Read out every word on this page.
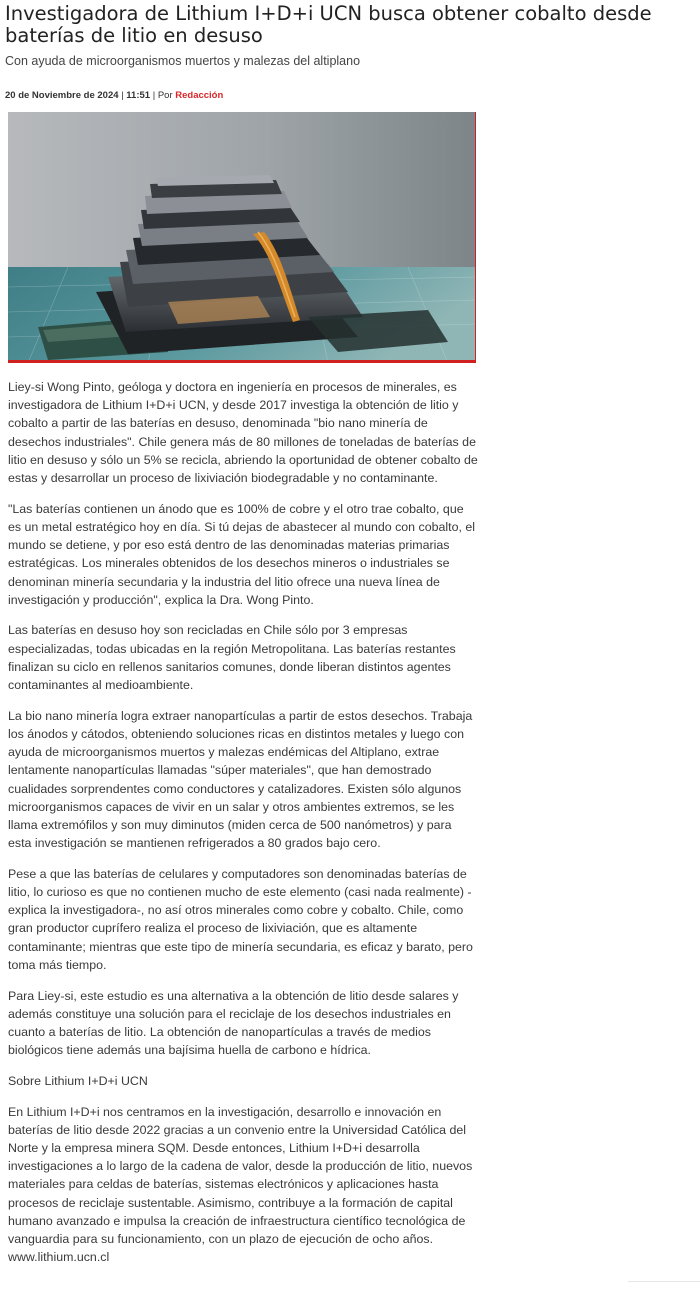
Investigadora de Lithium I+D+i UCN busca obtener cobalto desde baterías de litio en desuso

Con ayuda de microorganismos muertos y malezas del altiplano

20 de Noviembre de 2024 | 11:51 | Por Redacción

Liey-si Wong Pinto, geóloga y doctora en ingeniería en procesos de minerales, es investigadora de Lithium I+D+i UCN, y desde 2017 investiga la obtención de litio y cobalto a partir de las baterías en desuso, denominada "bio nano minería de desechos industriales". Chile genera más de 80 millones de toneladas de baterías de litio en desuso y sólo un 5% se recicla, abriendo la oportunidad de obtener cobalto de estas y desarrollar un proceso de lixiviación biodegradable y no contaminante.

"Las baterías contienen un ánodo que es 100% de cobre y el otro trae cobalto, que es un metal estratégico hoy en día. Si tú dejas de abastecer al mundo con cobalto, el mundo se detiene, y por eso está dentro de las denominadas materias primarias estratégicas. Los minerales obtenidos de los desechos mineros o industriales se denominan minería secundaria y la industria del litio ofrece una nueva línea de investigación y producción", explica la Dra. Wong Pinto.

Las baterías en desuso hoy son recicladas en Chile sólo por 3 empresas especializadas, todas ubicadas en la región Metropolitana. Las baterías restantes finalizan su ciclo en rellenos sanitarios comunes, donde liberan distintos agentes contaminantes al medioambiente.

La bio nano minería logra extraer nanopartículas a partir de estos desechos. Trabaja los ánodos y cátodos, obteniendo soluciones ricas en distintos metales y luego con ayuda de microorganismos muertos y malezas endémicas del Altiplano, extrae lentamente nanopartículas llamadas "súper materiales", que han demostrado cualidades sorprendentes como conductores y catalizadores. Existen sólo algunos microorganismos capaces de vivir en un salar y otros ambientes extremos, se les llama extremófilos y son muy diminutos (miden cerca de 500 nanómetros) y para esta investigación se mantienen refrigerados a 80 grados bajo cero.

Pese a que las baterías de celulares y computadores son denominadas baterías de litio, lo curioso es que no contienen mucho de este elemento (casi nada realmente) -explica la investigadora-, no así otros minerales como cobre y cobalto. Chile, como gran productor cuprífero realiza el proceso de lixiviación, que es altamente contaminante; mientras que este tipo de minería secundaria, es eficaz y barato, pero toma más tiempo.

Para Liey-si, este estudio es una alternativa a la obtención de litio desde salares y además constituye una solución para el reciclaje de los desechos industriales en cuanto a baterías de litio. La obtención de nanopartículas a través de medios biológicos tiene además una bajísima huella de carbono e hídrica.

Sobre Lithium I+D+i UCN

En Lithium I+D+i nos centramos en la investigación, desarrollo e innovación en baterías de litio desde 2022 gracias a un convenio entre la Universidad Católica del Norte y la empresa minera SQM. Desde entonces, Lithium I+D+i desarrolla investigaciones a lo largo de la cadena de valor, desde la producción de litio, nuevos materiales para celdas de baterías, sistemas electrónicos y aplicaciones hasta procesos de reciclaje sustentable. Asimismo, contribuye a la formación de capital humano avanzado e impulsa la creación de infraestructura científico tecnológica de vanguardia para su funcionamiento, con un plazo de ejecución de ocho años.

www.lithium.ucn.cl
